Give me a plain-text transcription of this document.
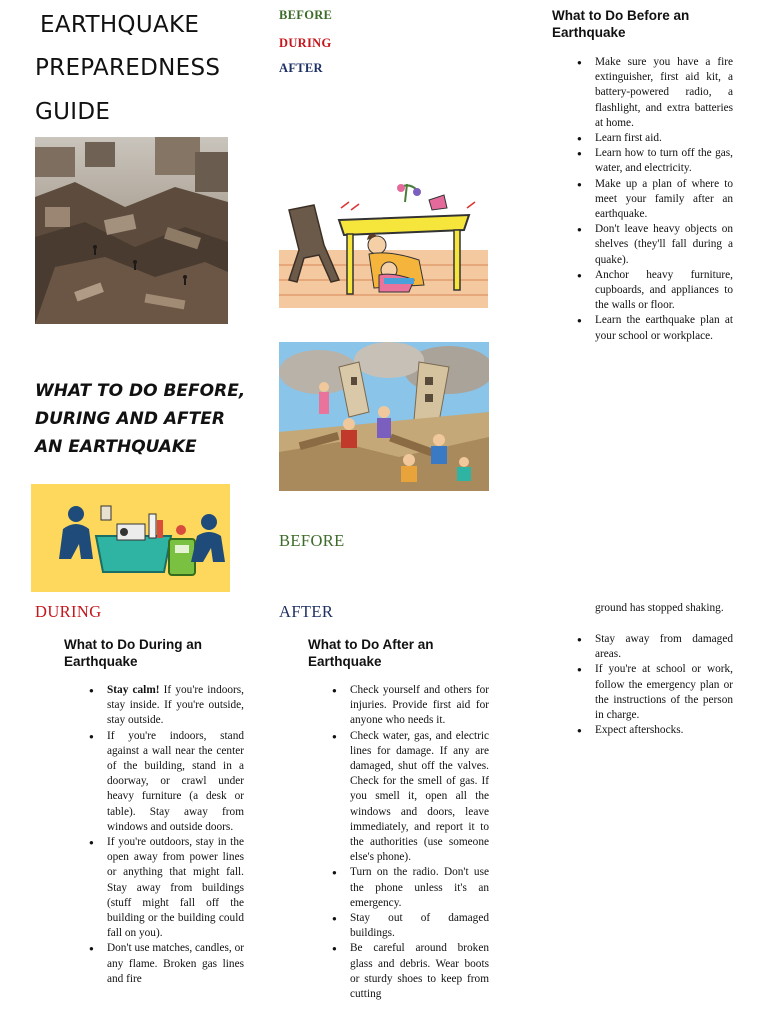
EARTHQUAKE
PREPAREDNESS
GUIDE
BEFORE
DURING
AFTER
WHAT TO DO BEFORE,
DURING AND AFTER
AN EARTHQUAKE
BEFORE
DURING	AFTER
What to Do Before an Earthquake
● Make sure you have a fire extinguisher, first aid kit, a battery-powered radio, a flashlight, and extra batteries at home.
● Learn first aid.
● Learn how to turn off the gas, water, and electricity.
● Make up a plan of where to meet your family after an earthquake.
● Don't leave heavy objects on shelves (they'll fall during a quake).
● Anchor heavy furniture, cupboards, and appliances to the walls or floor.
● Learn the earthquake plan at your school or workplace.
What to Do During an Earthquake
● Stay calm! If you're indoors, stay inside. If you're outside, stay outside.
● If you're indoors, stand against a wall near the center of the building, stand in a doorway, or crawl under heavy furniture (a desk or table). Stay away from windows and outside doors.
● If you're outdoors, stay in the open away from power lines or anything that might fall. Stay away from buildings (stuff might fall off the building or the building could fall on you).
● Don't use matches, candles, or any flame. Broken gas lines and fire
What to Do After an Earthquake
● Check yourself and others for injuries. Provide first aid for anyone who needs it.
● Check water, gas, and electric lines for damage. If any are damaged, shut off the valves. Check for the smell of gas. If you smell it, open all the windows and doors, leave immediately, and report it to the authorities (use someone else's phone).
● Turn on the radio. Don't use the phone unless it's an emergency.
● Stay out of damaged buildings.
● Be careful around broken glass and debris. Wear boots or sturdy shoes to keep from cutting
ground has stopped shaking.
● Stay away from damaged areas.
● If you're at school or work, follow the emergency plan or the instructions of the person in charge.
● Expect aftershocks.
